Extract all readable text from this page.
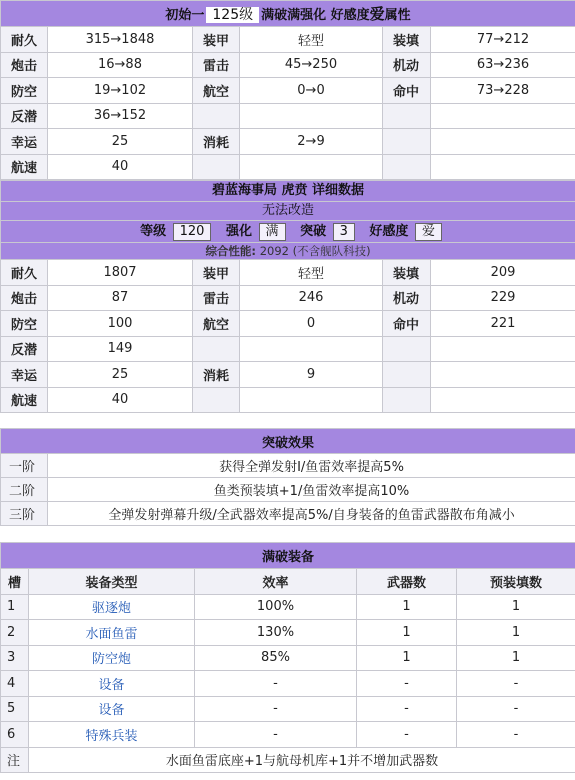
初始一 125级 满破满强化 好感度爱属性					
耐久	315→1848	装甲	轻型	装填	77→212
炮击	16→88	雷击	45→250	机动	63→236
防空	19→102	航空	0→0	命中	73→228
反潜	36→152				
幸运	25	消耗	2→9		
航速	40				
碧蓝海事局 虎贲 详细数据					
无法改造					
等级 120 强化 满 突破 3 好感度 爱					
综合性能: 2092 (不含舰队科技)					
耐久	1807	装甲	轻型	装填	209
炮击	87	雷击	246	机动	229
防空	100	航空	0	命中	221
反潜	149				
幸运	25	消耗	9		
航速	40				
突破效果	
一阶	获得全弹发射I/鱼雷效率提高5%
二阶	鱼类预装填+1/鱼雷效率提高10%
三阶	全弹发射弹幕升级/全武器效率提高5%/自身装备的鱼雷武器散布角减小
满破装备				
槽	装备类型	效率	武器数	预装填数
1	驱逐炮	100%	1	1
2	水面鱼雷	130%	1	1
3	防空炮	85%	1	1
4	设备	-	-	-
5	设备	-	-	-
6	特殊兵装	-	-	-
注	水面鱼雷底座+1与航母机库+1并不增加武器数			
